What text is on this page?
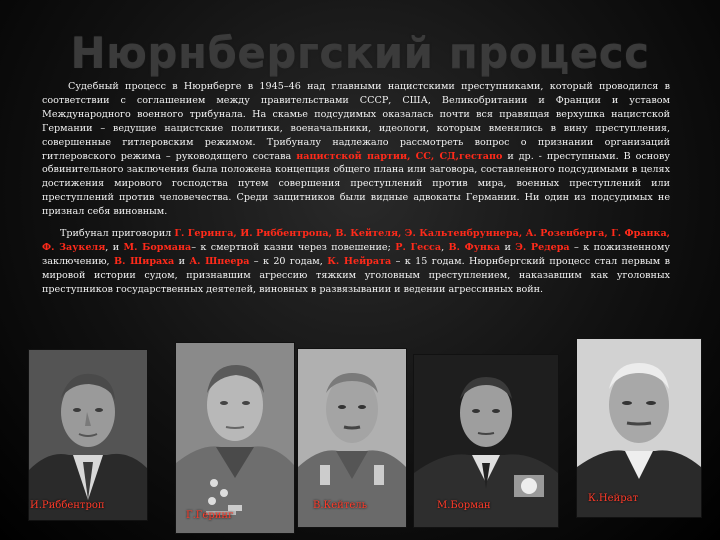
Нюрнбергский процесс

Судебный процесс в Нюрнберге в 1945–46 над главными нацистскими преступниками, который проводился в соответствии с соглашением между правительствами СССР, США, Великобритании и Франции и уставом Международного военного трибунала. На скамье подсудимых оказалась почти вся правящая верхушка нацистской Германии – ведущие нацистские политики, военачальники, идеологи, которым вменялись в вину преступления, совершенные гитлеровским режимом. Трибуналу надлежало рассмотреть вопрос о признании организаций гитлеровского режима – руководящего состава нацистской партии, СС, СД,гестапо и др. - преступными. В основу обвинительного заключения была положена концепция общего плана или заговора, составленного подсудимыми в целях достижения мирового господства путем совершения преступлений против мира, военных преступлений или преступлений против человечества. Среди защитников были видные адвокаты Германии. Ни один из подсудимых не признал себя виновным.

Трибунал приговорил Г. Геринга, И. Риббентропа, В. Кейтеля, Э. Кальтенбруннера, А. Розенберга, Г. Франка, Ф. Заукеля, и М. Бормана– к смертной казни через повешение; Р. Гесса, В. Функа и Э. Редера – к пожизненному заключению, В. Шираха и А. Шпеера – к 20 годам, К. Нейрата – к 15 годам. Нюрнбергский процесс стал первым в мировой истории судом, признавшим агрессию тяжким уголовным преступлением, наказавшим как уголовных преступников государственных деятелей, виновных в развязывании и ведении агрессивных войн.

И.Риббентроп
Г.Геринг
В.Кейтель	М.Борман
К.Нейрат
